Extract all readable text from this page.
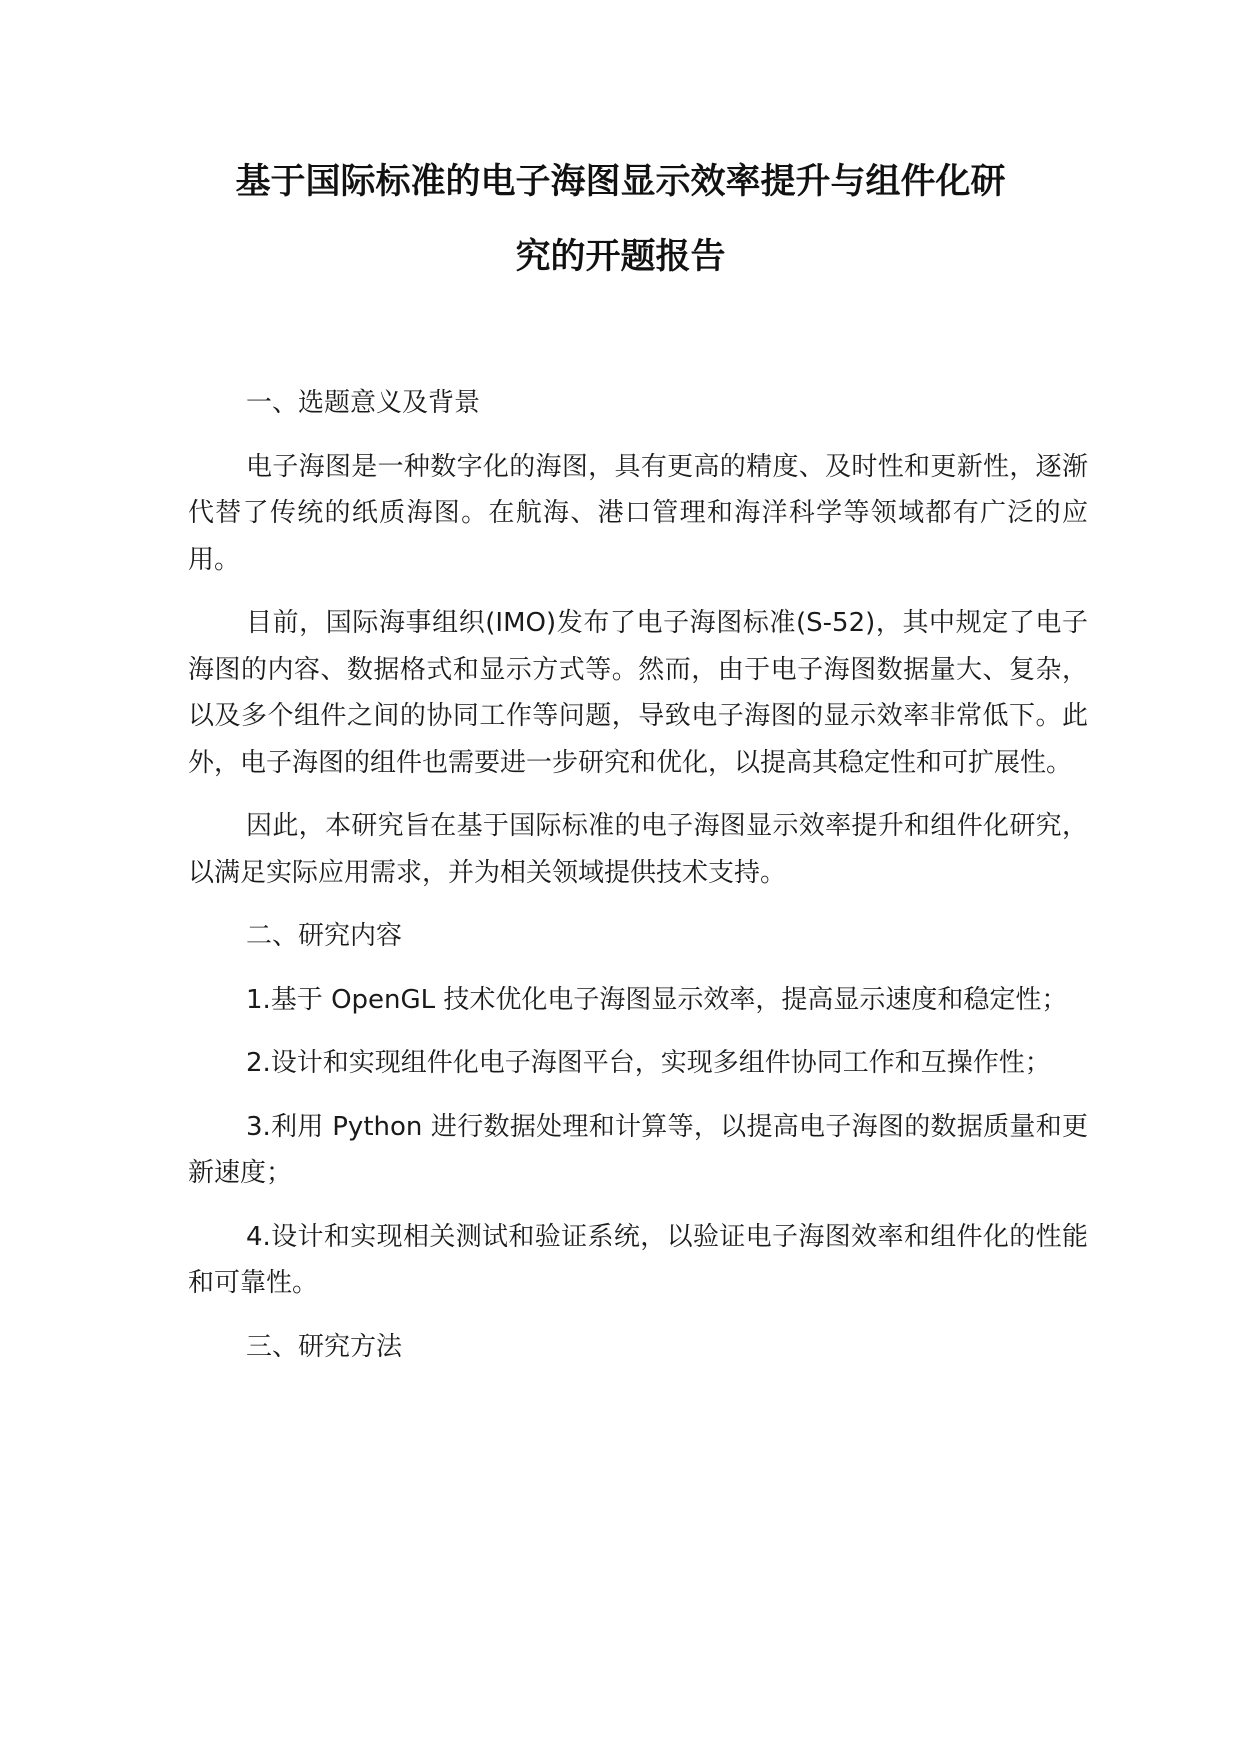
基于国际标准的电子海图显示效率提升与组件化研
究的开题报告

一、选题意义及背景

电子海图是一种数字化的海图，具有更高的精度、及时性和更新性，逐渐代替了传统的纸质海图。在航海、港口管理和海洋科学等领域都有广泛的应用。

目前，国际海事组织(IMO)发布了电子海图标准(S-52)，其中规定了电子海图的内容、数据格式和显示方式等。然而，由于电子海图数据量大、复杂，以及多个组件之间的协同工作等问题，导致电子海图的显示效率非常低下。此外，电子海图的组件也需要进一步研究和优化，以提高其稳定性和可扩展性。

因此，本研究旨在基于国际标准的电子海图显示效率提升和组件化研究，以满足实际应用需求，并为相关领域提供技术支持。

二、研究内容

1.基于 OpenGL 技术优化电子海图显示效率，提高显示速度和稳定性；

2.设计和实现组件化电子海图平台，实现多组件协同工作和互操作性；

3.利用 Python 进行数据处理和计算等，以提高电子海图的数据质量和更新速度；

4.设计和实现相关测试和验证系统，以验证电子海图效率和组件化的性能和可靠性。

三、研究方法
